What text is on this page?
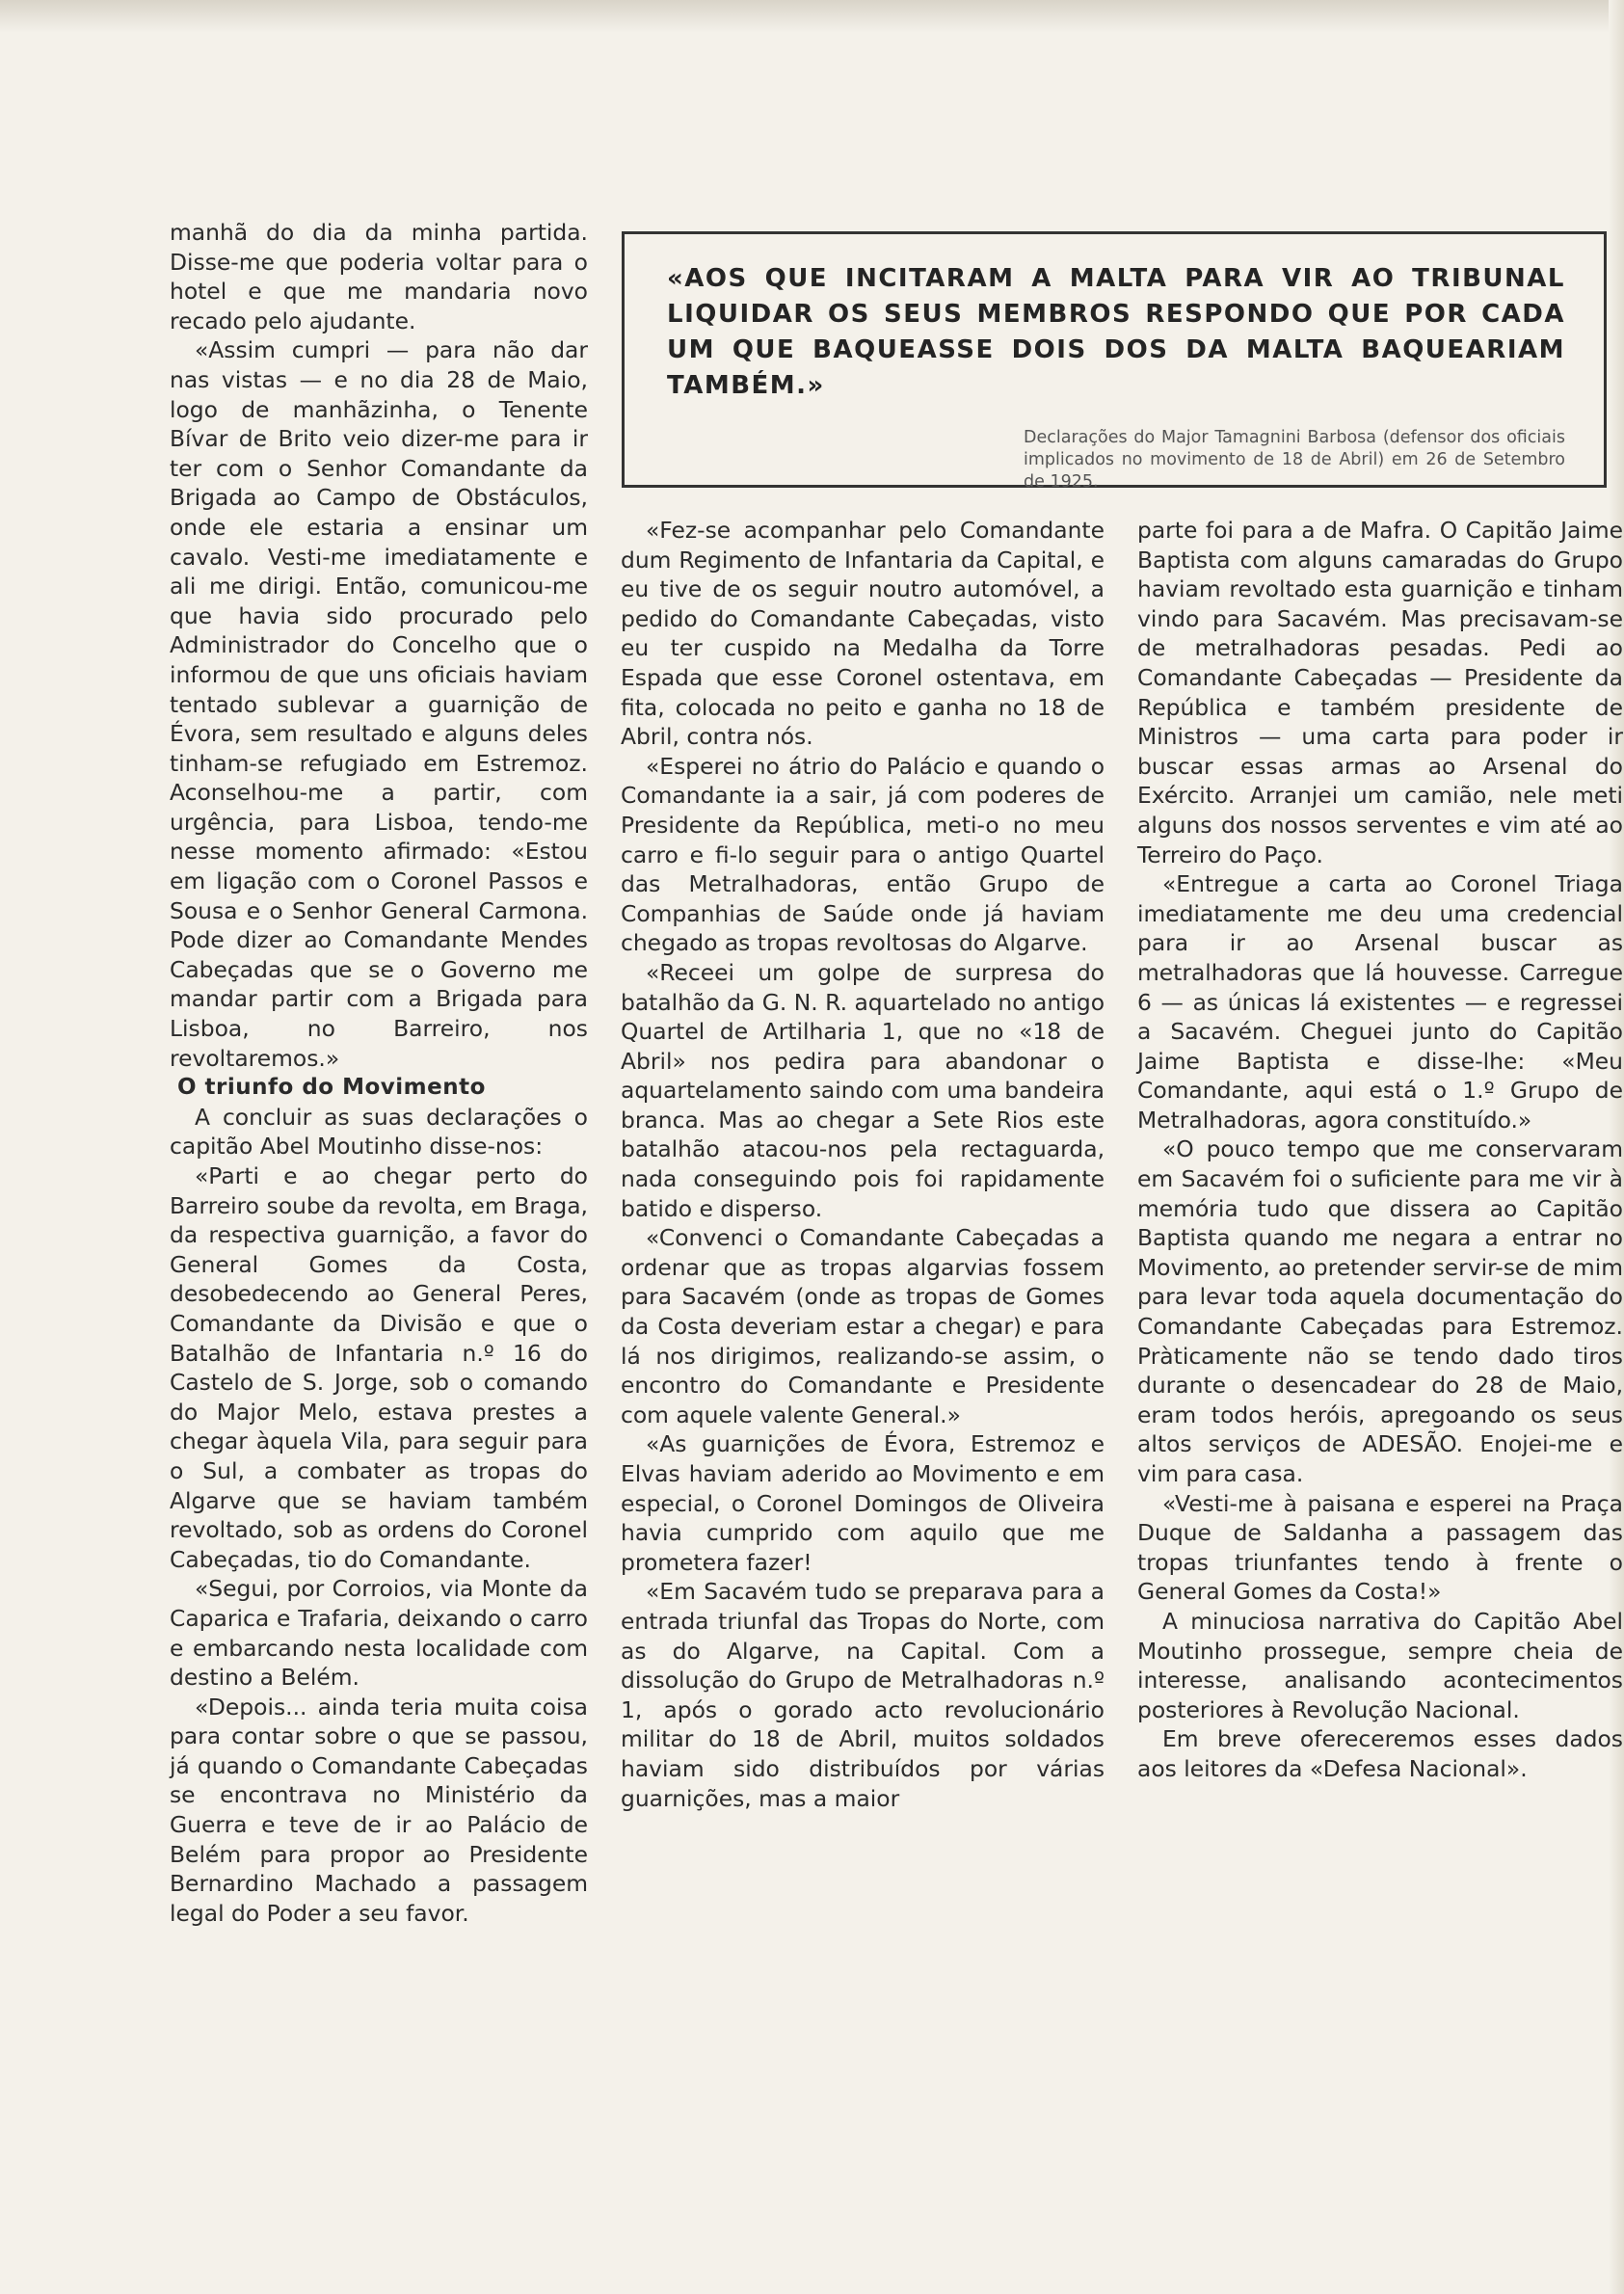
«AOS QUE INCITARAM A MALTA PARA VIR AO TRIBUNAL LIQUIDAR OS SEUS MEMBROS RESPONDO QUE POR CADA UM QUE BAQUEASSE DOIS DOS DA MALTA BAQUEARIAM TAMBÉM.»

Declarações do Major Tamagnini Barbosa (defensor dos oficiais implicados no movimento de 18 de Abril) em 26 de Setembro de 1925.

manhã do dia da minha partida. Disse-me que poderia voltar para o hotel e que me mandaria novo recado pelo ajudante.

«Assim cumpri — para não dar nas vistas — e no dia 28 de Maio, logo de manhãzinha, o Tenente Bívar de Brito veio dizer-me para ir ter com o Senhor Comandante da Brigada ao Campo de Obstáculos, onde ele estaria a ensinar um cavalo. Vesti-me imediatamente e ali me dirigi. Então, comunicou-me que havia sido procurado pelo Administrador do Concelho que o informou de que uns oficiais haviam tentado sublevar a guarnição de Évora, sem resultado e alguns deles tinham-se refugiado em Estremoz. Aconselhou-me a partir, com urgência, para Lisboa, tendo-me nesse momento afirmado: «Estou em ligação com o Coronel Passos e Sousa e o Senhor General Carmona. Pode dizer ao Comandante Mendes Cabeçadas que se o Governo me mandar partir com a Brigada para Lisboa, no Barreiro, nos revoltaremos.»

O triunfo do Movimento

A concluir as suas declarações o capitão Abel Moutinho disse-nos:

«Parti e ao chegar perto do Barreiro soube da revolta, em Braga, da respectiva guarnição, a favor do General Gomes da Costa, desobedecendo ao General Peres, Comandante da Divisão e que o Batalhão de Infantaria n.º 16 do Castelo de S. Jorge, sob o comando do Major Melo, estava prestes a chegar àquela Vila, para seguir para o Sul, a combater as tropas do Algarve que se haviam também revoltado, sob as ordens do Coronel Cabeçadas, tio do Comandante.

«Segui, por Corroios, via Monte da Caparica e Trafaria, deixando o carro e embarcando nesta localidade com destino a Belém.

«Depois... ainda teria muita coisa para contar sobre o que se passou, já quando o Comandante Cabeçadas se encontrava no Ministério da Guerra e teve de ir ao Palácio de Belém para propor ao Presidente Bernardino Machado a passagem legal do Poder a seu favor.

«Fez-se acompanhar pelo Comandante dum Regimento de Infantaria da Capital, e eu tive de os seguir noutro automóvel, a pedido do Comandante Cabeçadas, visto eu ter cuspido na Medalha da Torre Espada que esse Coronel ostentava, em fita, colocada no peito e ganha no 18 de Abril, contra nós.

«Esperei no átrio do Palácio e quando o Comandante ia a sair, já com poderes de Presidente da República, meti-o no meu carro e fi-lo seguir para o antigo Quartel das Metralhadoras, então Grupo de Companhias de Saúde onde já haviam chegado as tropas revoltosas do Algarve.

«Receei um golpe de surpresa do batalhão da G. N. R. aquartelado no antigo Quartel de Artilharia 1, que no «18 de Abril» nos pedira para abandonar o aquartelamento saindo com uma bandeira branca. Mas ao chegar a Sete Rios este batalhão atacou-nos pela rectaguarda, nada conseguindo pois foi rapidamente batido e disperso.

«Convenci o Comandante Cabeçadas a ordenar que as tropas algarvias fossem para Sacavém (onde as tropas de Gomes da Costa deveriam estar a chegar) e para lá nos dirigimos, realizando-se assim, o encontro do Comandante e Presidente com aquele valente General.»

«As guarnições de Évora, Estremoz e Elvas haviam aderido ao Movimento e em especial, o Coronel Domingos de Oliveira havia cumprido com aquilo que me prometera fazer!

«Em Sacavém tudo se preparava para a entrada triunfal das Tropas do Norte, com as do Algarve, na Capital. Com a dissolução do Grupo de Metralhadoras n.º 1, após o gorado acto revolucionário militar do 18 de Abril, muitos soldados haviam sido distribuídos por várias guarnições, mas a maior

parte foi para a de Mafra. O Capitão Jaime Baptista com alguns camaradas do Grupo haviam revoltado esta guarnição e tinham vindo para Sacavém. Mas precisavam-se de metralhadoras pesadas. Pedi ao Comandante Cabeçadas — Presidente da República e também presidente de Ministros — uma carta para poder ir buscar essas armas ao Arsenal do Exército. Arranjei um camião, nele meti alguns dos nossos serventes e vim até ao Terreiro do Paço.

«Entregue a carta ao Coronel Triaga imediatamente me deu uma credencial para ir ao Arsenal buscar as metralhadoras que lá houvesse. Carregue 6 — as únicas lá existentes — e regressei a Sacavém. Cheguei junto do Capitão Jaime Baptista e disse-lhe: «Meu Comandante, aqui está o 1.º Grupo de Metralhadoras, agora constituído.»

«O pouco tempo que me conservaram em Sacavém foi o suficiente para me vir à memória tudo que dissera ao Capitão Baptista quando me negara a entrar no Movimento, ao pretender servir-se de mim para levar toda aquela documentação do Comandante Cabeçadas para Estremoz. Pràticamente não se tendo dado tiros durante o desencadear do 28 de Maio, eram todos heróis, apregoando os seus altos serviços de ADESÃO. Enojei-me e vim para casa.

«Vesti-me à paisana e esperei na Praça Duque de Saldanha a passagem das tropas triunfantes tendo à frente o General Gomes da Costa!»

A minuciosa narrativa do Capitão Abel Moutinho prossegue, sempre cheia de interesse, analisando acontecimentos posteriores à Revolução Nacional.

Em breve ofereceremos esses dados aos leitores da «Defesa Nacional».
